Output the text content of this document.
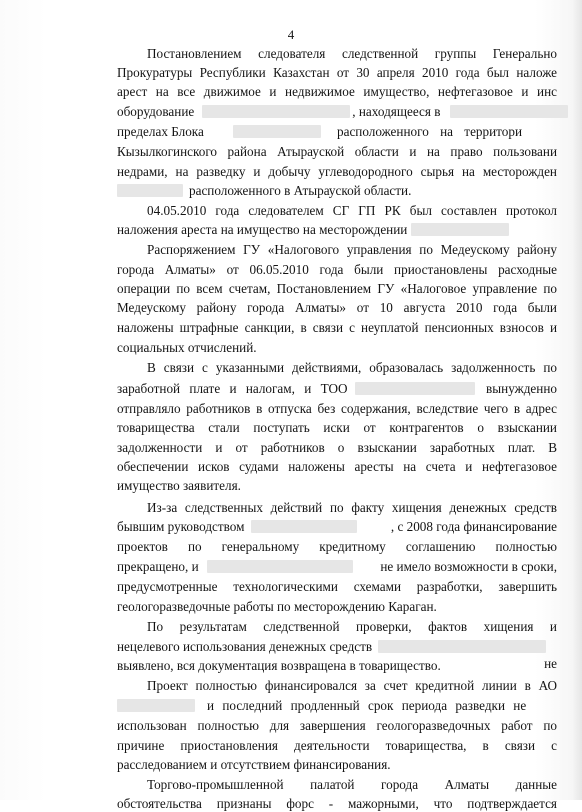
4
Постановлением следователя следственной группы Генерально
Прокуратуры Республики Казахстан от 30 апреля 2010 года был наложе
арест на все движимое и недвижимое имущество, нефтегазовое и инс
оборудование	, находящееся в
пределах Блока	расположенного на территори
Кызылкогинского района Атырауской области и на право пользовани
недрами, на разведку и добычу углеводородного сырья на месторожден
расположенного в Атырауской области.
04.05.2010 года следователем СГ ГП РК был составлен протокол
наложения ареста на имущество на месторождении
Распоряжением ГУ «Налогового управления по Медеускому району
города Алматы» от 06.05.2010 года были приостановлены расходные
операции по всем счетам, Постановлением ГУ «Налоговое управление по
Медеускому району города Алматы» от 10 августа 2010 года были
наложены штрафные санкции, в связи с неуплатой пенсионных взносов и
социальных отчислений.
В связи с указанными действиями, образовалась задолженность по
заработной плате и налогам, и ТОО	вынужденно
отправляло работников в отпуска без содержания, вследствие чего в адрес
товарищества стали поступать иски от контрагентов о взыскании
задолженности и от работников о взыскании заработных плат. В
обеспечении исков судами наложены аресты на счета и нефтегазовое
имущество заявителя.
Из-за следственных действий по факту хищения денежных средств
бывшим руководством	, с 2008 года финансирование
проектов по генеральному кредитному соглашению полностью
прекращено, и	не имело возможности в сроки,
предусмотренные технологическими схемами разработки, завершить
геологоразведочные работы по месторождению Караган.
По результатам следственной проверки, фактов хищения и
нецелевого использования денежных средств
не
выявлено, вся документация возвращена в товарищество.
Проект полностью финансировался за счет кредитной линии в АО
и последний продленный срок периода разведки не
использован полностью для завершения геологоразведочных работ по
причине приостановления деятельности товарищества, в связи с
расследованием и отсутствием финансирования.
Торгово-промышленной палатой города Алматы данные
обстоятельства признаны форс - мажорными, что подтверждается
